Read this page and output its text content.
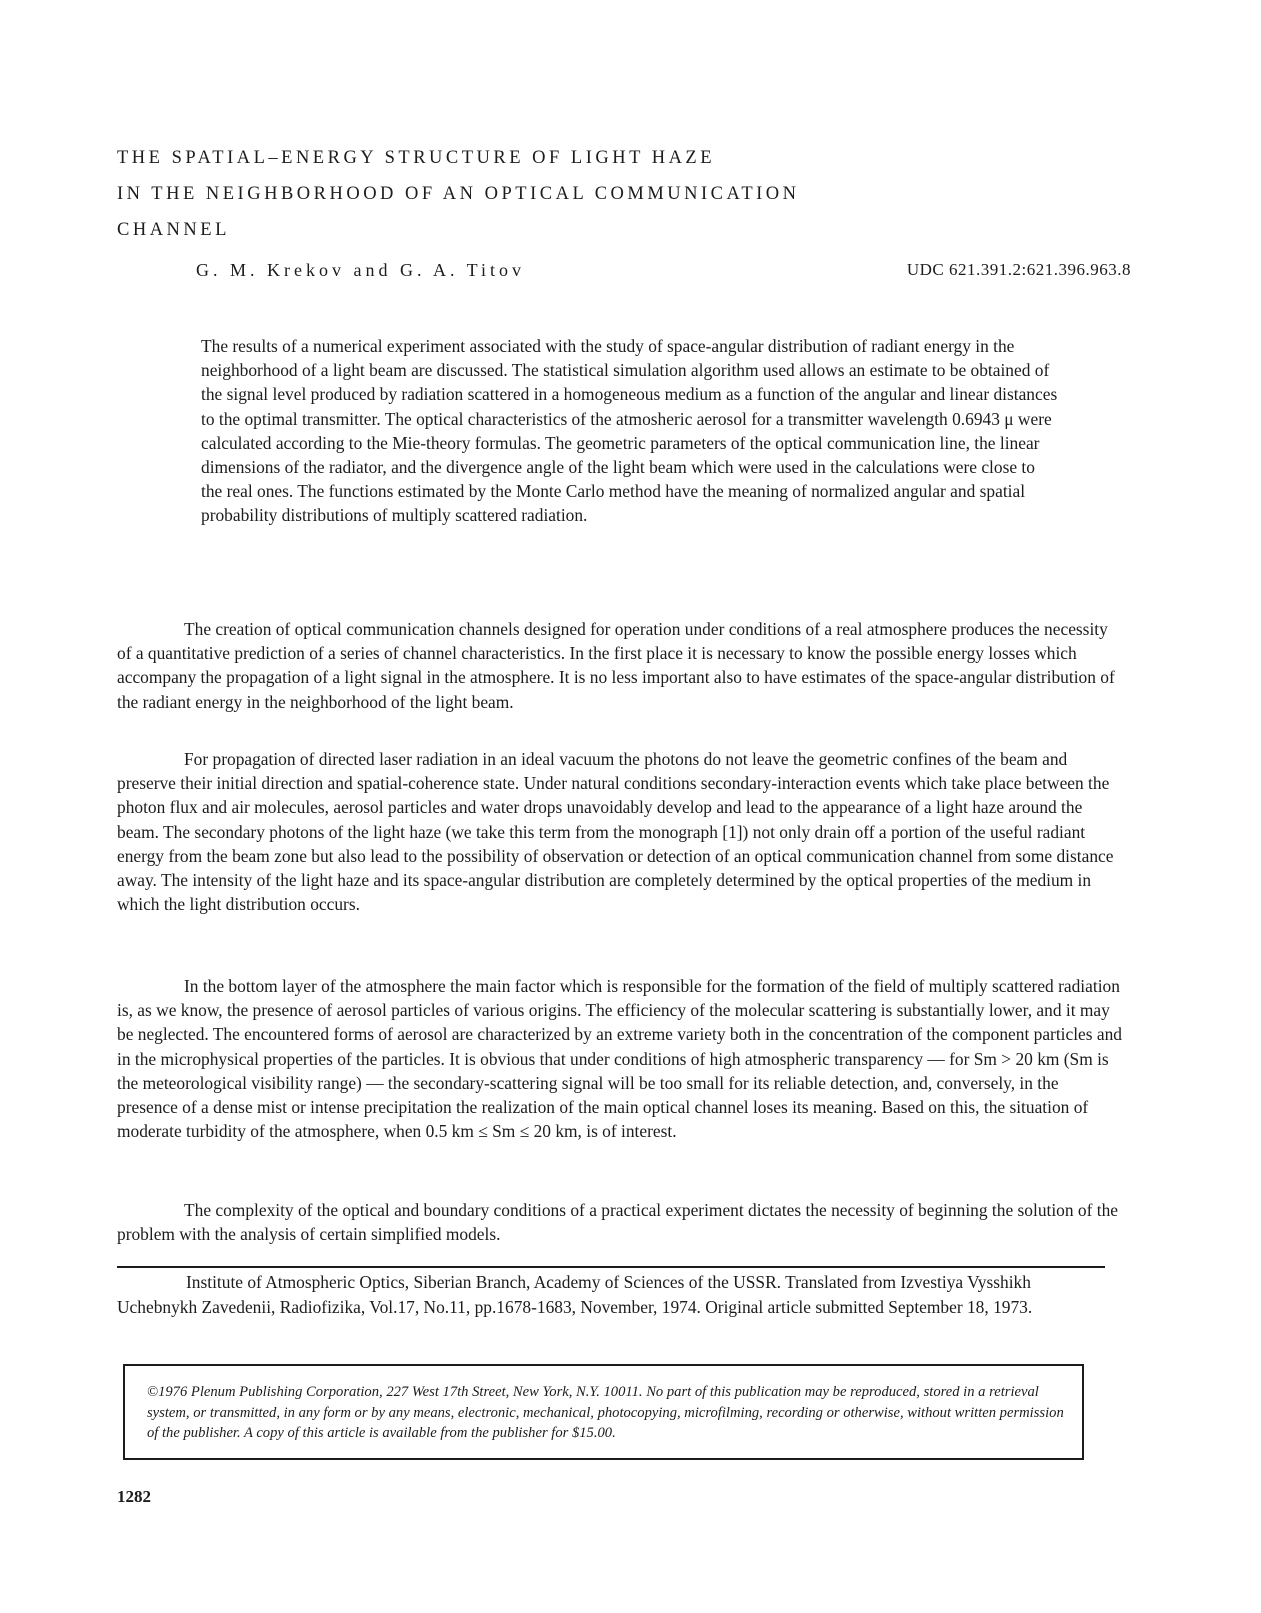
THE SPATIAL–ENERGY STRUCTURE OF LIGHT HAZE
IN THE NEIGHBORHOOD OF AN OPTICAL COMMUNICATION
CHANNEL
G. M. Krekov and G. A. Titov	UDC 621.391.2:621.396.963.8

The results of a numerical experiment associated with the study of space-angular distribution of radiant energy in the neighborhood of a light beam are discussed. The statistical simulation algorithm used allows an estimate to be obtained of the signal level produced by radiation scattered in a homogeneous medium as a function of the angular and linear distances to the optimal transmitter. The optical characteristics of the atmosheric aerosol for a transmitter wavelength 0.6943 μ were calculated according to the Mie-theory formulas. The geometric parameters of the optical communication line, the linear dimensions of the radiator, and the divergence angle of the light beam which were used in the calculations were close to the real ones. The functions estimated by the Monte Carlo method have the meaning of normalized angular and spatial probability distributions of multiply scattered radiation.

The creation of optical communication channels designed for operation under conditions of a real atmosphere produces the necessity of a quantitative prediction of a series of channel characteristics. In the first place it is necessary to know the possible energy losses which accompany the propagation of a light signal in the atmosphere. It is no less important also to have estimates of the space-angular distribution of the radiant energy in the neighborhood of the light beam.

For propagation of directed laser radiation in an ideal vacuum the photons do not leave the geometric confines of the beam and preserve their initial direction and spatial-coherence state. Under natural conditions secondary-interaction events which take place between the photon flux and air molecules, aerosol particles and water drops unavoidably develop and lead to the appearance of a light haze around the beam. The secondary photons of the light haze (we take this term from the monograph [1]) not only drain off a portion of the useful radiant energy from the beam zone but also lead to the possibility of observation or detection of an optical communication channel from some distance away. The intensity of the light haze and its space-angular distribution are completely determined by the optical properties of the medium in which the light distribution occurs.

In the bottom layer of the atmosphere the main factor which is responsible for the formation of the field of multiply scattered radiation is, as we know, the presence of aerosol particles of various origins. The efficiency of the molecular scattering is substantially lower, and it may be neglected. The encountered forms of aerosol are characterized by an extreme variety both in the concentration of the component particles and in the microphysical properties of the particles. It is obvious that under conditions of high atmospheric transparency — for Sm > 20 km (Sm is the meteorological visibility range) — the secondary-scattering signal will be too small for its reliable detection, and, conversely, in the presence of a dense mist or intense precipitation the realization of the main optical channel loses its meaning. Based on this, the situation of moderate turbidity of the atmosphere, when 0.5 km ≤ Sm ≤ 20 km, is of interest.

The complexity of the optical and boundary conditions of a practical experiment dictates the necessity of beginning the solution of the problem with the analysis of certain simplified models.

Institute of Atmospheric Optics, Siberian Branch, Academy of Sciences of the USSR. Translated from Izvestiya Vysshikh Uchebnykh Zavedenii, Radiofizika, Vol.17, No.11, pp.1678-1683, November, 1974. Original article submitted September 18, 1973.

©1976 Plenum Publishing Corporation, 227 West 17th Street, New York, N.Y. 10011. No part of this publication may be reproduced, stored in a retrieval system, or transmitted, in any form or by any means, electronic, mechanical, photocopying, microfilming, recording or otherwise, without written permission of the publisher. A copy of this article is available from the publisher for $15.00.

1282
